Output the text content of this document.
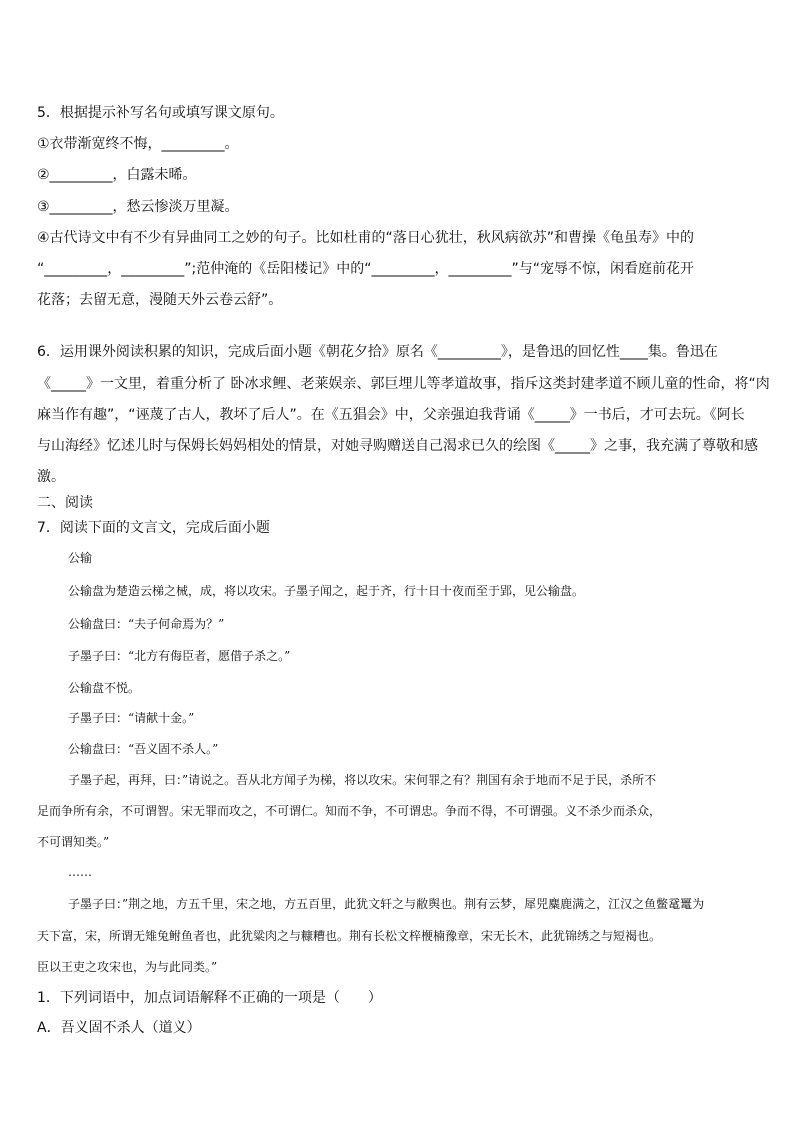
5．根据提示补写名句或填写课文原句。
①衣带渐宽终不悔，_________。
②_________，白露未晞。
③_________，愁云惨淡万里凝。
④古代诗文中有不少有异曲同工之妙的句子。比如杜甫的“落日心犹壮，秋风病欲苏”和曹操《龟虽寿》中的
“_________，_________”;范仲淹的《岳阳楼记》中的“_________，_________”与“宠辱不惊，闲看庭前花开
花落；去留无意，漫随天外云卷云舒”。
6．运用课外阅读积累的知识，完成后面小题《朝花夕拾》原名《_________》，是鲁迅的回忆性____集。鲁迅在
《_____》一文里，着重分析了 卧冰求鲤、老莱娱亲、郭巨埋儿等孝道故事，指斥这类封建孝道不顾儿童的性命，将“肉
麻当作有趣”，“诬蔑了古人，教坏了后人”。在《五猖会》中，父亲强迫我背诵《_____》一书后，才可去玩。《阿长
与山海经》忆述儿时与保姆长妈妈相处的情景，对她寻购赠送自己渴求已久的绘图《_____》之事，我充满了尊敬和感
激。
二、阅读
7．阅读下面的文言文，完成后面小题
公输
公输盘为楚造云梯之械，成，将以攻宋。子墨子闻之，起于齐，行十日十夜而至于郢，见公输盘。
公输盘曰：“夫子何命焉为？”
子墨子曰：“北方有侮臣者，愿借子杀之。”
公输盘不悦。
子墨子曰：“请献十金。”
公输盘曰：“吾义固不杀人。”
子墨子起，再拜，曰：”请说之。吾从北方闻子为梯，将以攻宋。宋何罪之有？荆国有余于地而不足于民，杀所不
足而争所有余，不可谓智。宋无罪而攻之，不可谓仁。知而不争，不可谓忠。争而不得，不可谓强。义不杀少而杀众，
不可谓知类。”
……
子墨子曰：”荆之地，方五千里，宋之地，方五百里，此犹文轩之与敝舆也。荆有云梦，犀兕麋鹿满之，江汉之鱼鳖鼋鼍为
天下富，宋，所谓无雉兔鲋鱼者也，此犹粱肉之与糠糟也。荆有长松文梓楩楠豫章，宋无长木，此犹锦绣之与短褐也。
臣以王吏之攻宋也，为与此同类。”
1．下列词语中，加点词语解释不正确的一项是（　　）
A．吾义固不杀人（道义）
